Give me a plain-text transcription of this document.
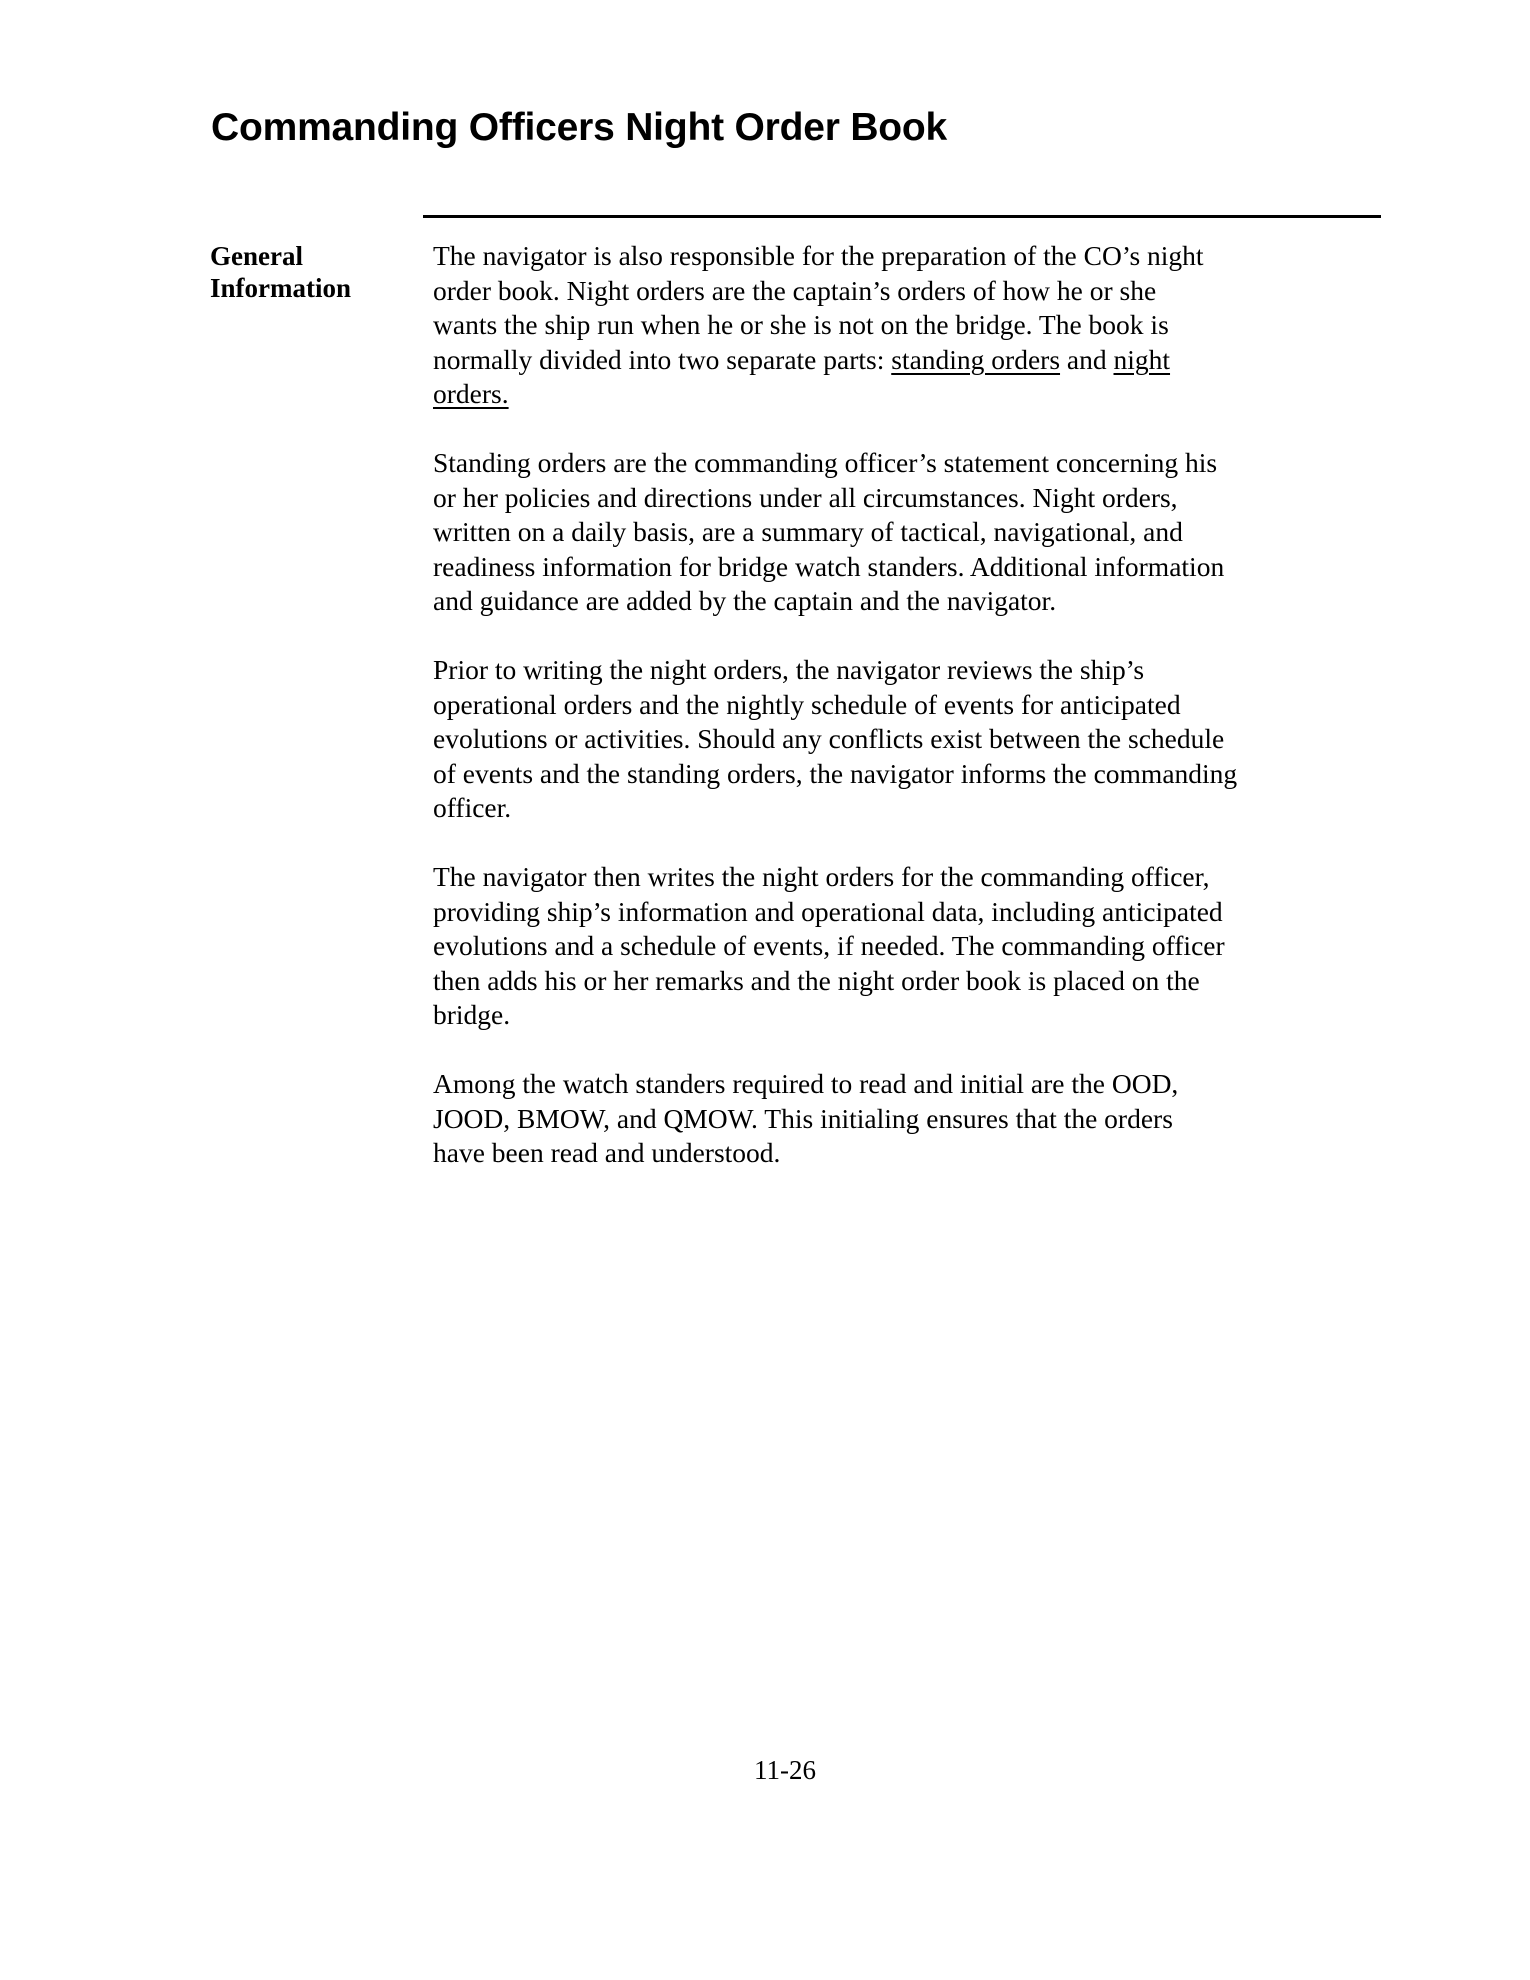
Commanding Officers Night Order Book
General
Information

The navigator is also responsible for the preparation of the CO’s night
order book. Night orders are the captain’s orders of how he or she
wants the ship run when he or she is not on the bridge. The book is
normally divided into two separate parts: standing orders and night
orders.

Standing orders are the commanding officer’s statement concerning his
or her policies and directions under all circumstances. Night orders,
written on a daily basis, are a summary of tactical, navigational, and
readiness information for bridge watch standers. Additional information
and guidance are added by the captain and the navigator.

Prior to writing the night orders, the navigator reviews the ship’s
operational orders and the nightly schedule of events for anticipated
evolutions or activities. Should any conflicts exist between the schedule
of events and the standing orders, the navigator informs the commanding
officer.

The navigator then writes the night orders for the commanding officer,
providing ship’s information and operational data, including anticipated
evolutions and a schedule of events, if needed. The commanding officer
then adds his or her remarks and the night order book is placed on the
bridge.

Among the watch standers required to read and initial are the OOD,
JOOD, BMOW, and QMOW. This initialing ensures that the orders
have been read and understood.

11-26
